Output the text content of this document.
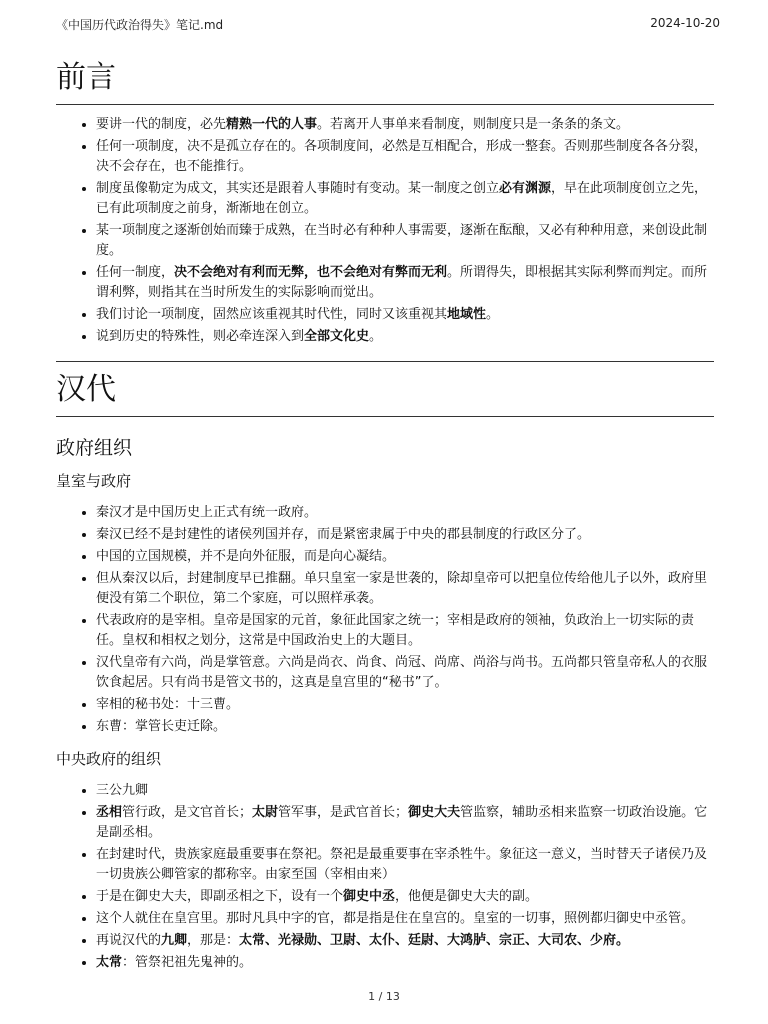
《中国历代政治得失》笔记.md	2024-10-20
前言
• 要讲一代的制度，必先精熟一代的人事。若离开人事单来看制度，则制度只是一条条的条文。
• 任何一项制度，决不是孤立存在的。各项制度间，必然是互相配合，形成一整套。否则那些制度各各分裂，决不会存在，也不能推行。
• 制度虽像勒定为成文，其实还是跟着人事随时有变动。某一制度之创立必有渊源，早在此项制度创立之先，已有此项制度之前身，渐渐地在创立。
• 某一项制度之逐渐创始而臻于成熟，在当时必有种种人事需要，逐渐在酝酿，又必有种种用意，来创设此制度。
• 任何一制度，决不会绝对有利而无弊，也不会绝对有弊而无利。所谓得失，即根据其实际利弊而判定。而所谓利弊，则指其在当时所发生的实际影响而觉出。
• 我们讨论一项制度，固然应该重视其时代性，同时又该重视其地域性。
• 说到历史的特殊性，则必牵连深入到全部文化史。
汉代
政府组织
皇室与政府
• 秦汉才是中国历史上正式有统一政府。
• 秦汉已经不是封建性的诸侯列国并存，而是紧密隶属于中央的郡县制度的行政区分了。
• 中国的立国规模，并不是向外征服，而是向心凝结。
• 但从秦汉以后，封建制度早已推翻。单只皇室一家是世袭的，除却皇帝可以把皇位传给他儿子以外，政府里便没有第二个职位，第二个家庭，可以照样承袭。
• 代表政府的是宰相。皇帝是国家的元首，象征此国家之统一；宰相是政府的领袖，负政治上一切实际的责任。皇权和相权之划分，这常是中国政治史上的大题目。
• 汉代皇帝有六尚，尚是掌管意。六尚是尚衣、尚食、尚冠、尚席、尚浴与尚书。五尚都只管皇帝私人的衣服饮食起居。只有尚书是管文书的，这真是皇宫里的“秘书”了。
• 宰相的秘书处：十三曹。
• 东曹：掌管长吏迁除。
中央政府的组织
• 三公九卿
• 丞相管行政，是文官首长；太尉管军事，是武官首长；御史大夫管监察，辅助丞相来监察一切政治设施。它是副丞相。
• 在封建时代，贵族家庭最重要事在祭祀。祭祀是最重要事在宰杀牲牛。象征这一意义，当时替天子诸侯乃及一切贵族公卿管家的都称宰。由家至国（宰相由来）
• 于是在御史大夫，即副丞相之下，设有一个御史中丞，他便是御史大夫的副。
• 这个人就住在皇宫里。那时凡具中字的官，都是指是住在皇宫的。皇室的一切事，照例都归御史中丞管。
• 再说汉代的九卿，那是：太常、光禄勋、卫尉、太仆、廷尉、大鸿胪、宗正、大司农、少府。
• 太常：管祭祀祖先鬼神的。
1 / 13
